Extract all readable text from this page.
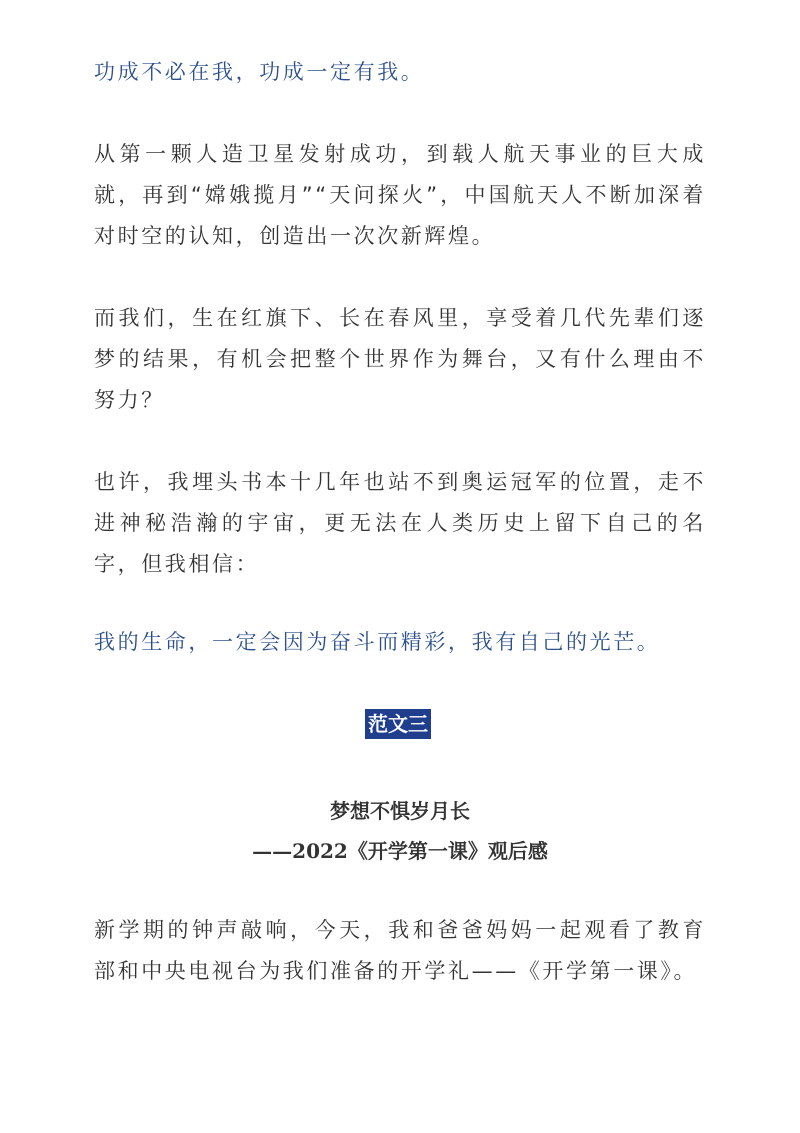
功成不必在我，功成一定有我。

从第一颗人造卫星发射成功，到载人航天事业的巨大成就，再到“嫦娥揽月”“天问探火”，中国航天人不断加深着对时空的认知，创造出一次次新辉煌。

而我们，生在红旗下、长在春风里，享受着几代先辈们逐梦的结果，有机会把整个世界作为舞台，又有什么理由不努力？

也许，我埋头书本十几年也站不到奥运冠军的位置，走不进神秘浩瀚的宇宙，更无法在人类历史上留下自己的名字，但我相信：

我的生命，一定会因为奋斗而精彩，我有自己的光芒。

范文三
梦想不惧岁月长
——2022《开学第一课》观后感

新学期的钟声敲响，今天，我和爸爸妈妈一起观看了教育部和中央电视台为我们准备的开学礼——《开学第一课》。
